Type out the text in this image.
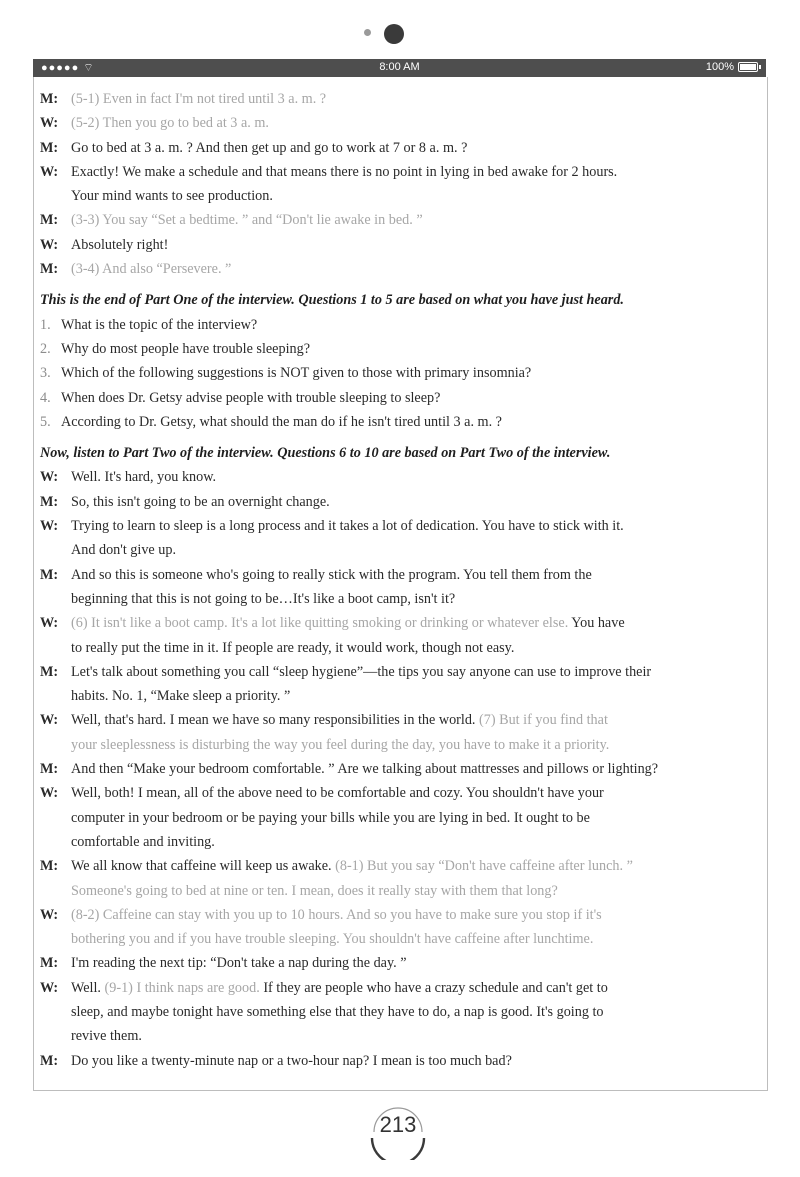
●●●●● ⌔	8:00 AM	100%
M: (5-1) Even in fact I'm not tired until 3 a. m. ?
W: (5-2) Then you go to bed at 3 a. m.
M: Go to bed at 3 a. m. ? And then get up and go to work at 7 or 8 a. m. ?
W: Exactly! We make a schedule and that means there is no point in lying in bed awake for 2 hours.
Your mind wants to see production.
M: (3-3) You say “Set a bedtime. ” and “Don't lie awake in bed. ”
W: Absolutely right!
M: (3-4) And also “Persevere. ”
This is the end of Part One of the interview. Questions 1 to 5 are based on what you have just heard.
1. What is the topic of the interview?
2. Why do most people have trouble sleeping?
3. Which of the following suggestions is NOT given to those with primary insomnia?
4. When does Dr. Getsy advise people with trouble sleeping to sleep?
5. According to Dr. Getsy, what should the man do if he isn't tired until 3 a. m. ?
Now, listen to Part Two of the interview. Questions 6 to 10 are based on Part Two of the interview.
W: Well. It's hard, you know.
M: So, this isn't going to be an overnight change.
W: Trying to learn to sleep is a long process and it takes a lot of dedication. You have to stick with it.
And don't give up.
M: And so this is someone who's going to really stick with the program. You tell them from the
beginning that this is not going to be…It's like a boot camp, isn't it?
W: (6) It isn't like a boot camp. It's a lot like quitting smoking or drinking or whatever else. You have
to really put the time in it. If people are ready, it would work, though not easy.
M: Let's talk about something you call “sleep hygiene”—the tips you say anyone can use to improve their
habits. No. 1, “Make sleep a priority. ”
W: Well, that's hard. I mean we have so many responsibilities in the world. (7) But if you find that
your sleeplessness is disturbing the way you feel during the day, you have to make it a priority.
M: And then “Make your bedroom comfortable. ” Are we talking about mattresses and pillows or lighting?
W: Well, both! I mean, all of the above need to be comfortable and cozy. You shouldn't have your
computer in your bedroom or be paying your bills while you are lying in bed. It ought to be
comfortable and inviting.
M: We all know that caffeine will keep us awake. (8-1) But you say “Don't have caffeine after lunch. ”
Someone's going to bed at nine or ten. I mean, does it really stay with them that long?
W: (8-2) Caffeine can stay with you up to 10 hours. And so you have to make sure you stop if it's
bothering you and if you have trouble sleeping. You shouldn't have caffeine after lunchtime.
M: I'm reading the next tip: “Don't take a nap during the day. ”
W: Well. (9-1) I think naps are good. If they are people who have a crazy schedule and can't get to
sleep, and maybe tonight have something else that they have to do, a nap is good. It's going to
revive them.
M: Do you like a twenty-minute nap or a two-hour nap? I mean is too much bad?
213
